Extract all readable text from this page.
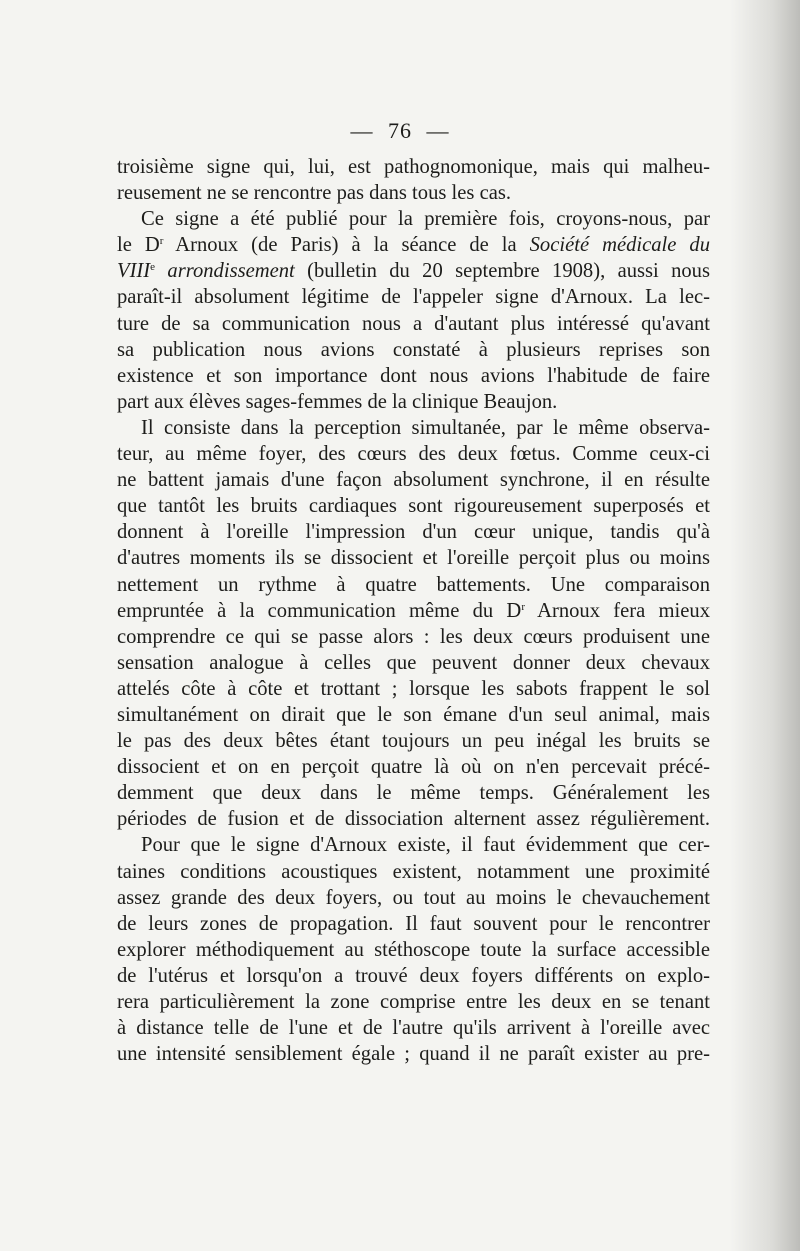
— 76 —
troisième signe qui, lui, est pathognomonique, mais qui malheu-
reusement ne se rencontre pas dans tous les cas.
Ce signe a été publié pour la première fois, croyons-nous, par
le $D^r$ Arnoux (de Paris) à la séance de la Société médicale du
VIIIe arrondissement (bulletin du 20 septembre 1908), aussi nous
paraît-il absolument légitime de l'appeler signe d'Arnoux. La lec-
ture de sa communication nous a d'autant plus intéressé qu'avant
sa publication nous avions constaté à plusieurs reprises son
existence et son importance dont nous avions l'habitude de faire
part aux élèves sages-femmes de la clinique Beaujon.
Il consiste dans la perception simultanée, par le même observa-
teur, au même foyer, des cœurs des deux fœtus. Comme ceux-ci
ne battent jamais d'une façon absolument synchrone, il en résulte
que tantôt les bruits cardiaques sont rigoureusement superposés et
donnent à l'oreille l'impression d'un cœur unique, tandis qu'à
d'autres moments ils se dissocient et l'oreille perçoit plus ou moins
nettement un rythme à quatre battements. Une comparaison
empruntée à la communication même du $D^r$ Arnoux fera mieux
comprendre ce qui se passe alors : les deux cœurs produisent une
sensation analogue à celles que peuvent donner deux chevaux
attelés côte à côte et trottant ; lorsque les sabots frappent le sol
simultanément on dirait que le son émane d'un seul animal, mais
le pas des deux bêtes étant toujours un peu inégal les bruits se
dissocient et on en perçoit quatre là où on n'en percevait précé-
demment que deux dans le même temps. Généralement les
périodes de fusion et de dissociation alternent assez régulièrement.
Pour que le signe d'Arnoux existe, il faut évidemment que cer-
taines conditions acoustiques existent, notamment une proximité
assez grande des deux foyers, ou tout au moins le chevauchement
de leurs zones de propagation. Il faut souvent pour le rencontrer
explorer méthodiquement au stéthoscope toute la surface accessible
de l'utérus et lorsqu'on a trouvé deux foyers différents on explo-
rera particulièrement la zone comprise entre les deux en se tenant
à distance telle de l'une et de l'autre qu'ils arrivent à l'oreille avec
une intensité sensiblement égale ; quand il ne paraît exister au pre-
